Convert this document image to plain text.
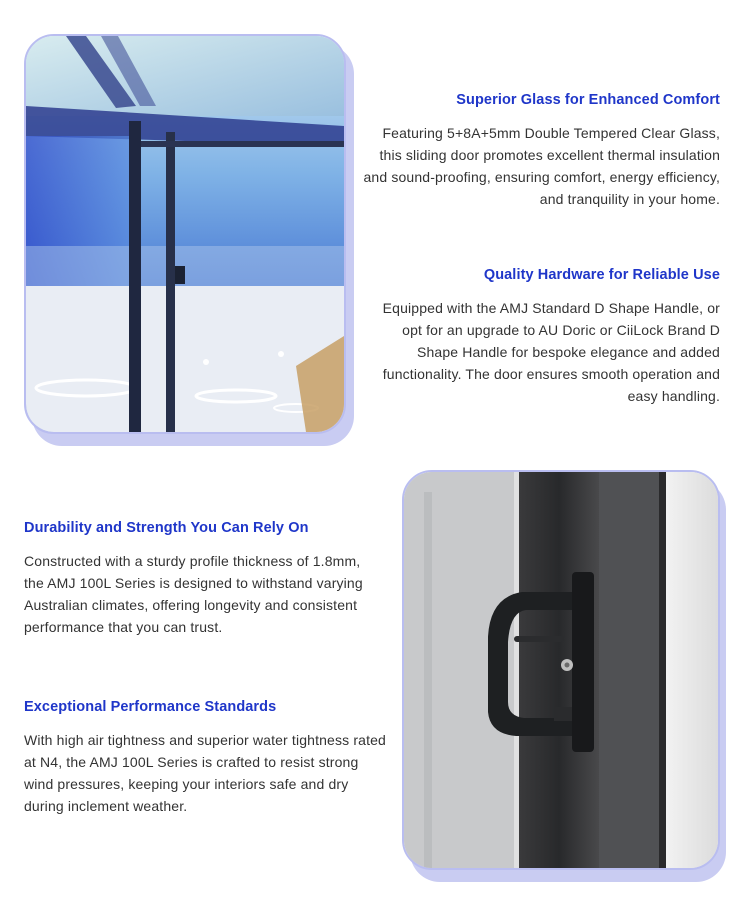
Superior Glass for Enhanced Comfort

Featuring 5+8A+5mm Double Tempered Clear Glass, this sliding door promotes excellent thermal insulation and sound-proofing, ensuring comfort, energy efficiency, and tranquility in your home.

Quality Hardware for Reliable Use

Equipped with the AMJ Standard D Shape Handle, or opt for an upgrade to AU Doric or CiiLock Brand D Shape Handle for bespoke elegance and added functionality. The door ensures smooth operation and easy handling.

Durability and Strength You Can Rely On

Constructed with a sturdy profile thickness of 1.8mm, the AMJ 100L Series is designed to withstand varying Australian climates, offering longevity and consistent performance that you can trust.

Exceptional Performance Standards

With high air tightness and superior water tightness rated at N4, the AMJ 100L Series is crafted to resist strong wind pressures, keeping your interiors safe and dry during inclement weather.
